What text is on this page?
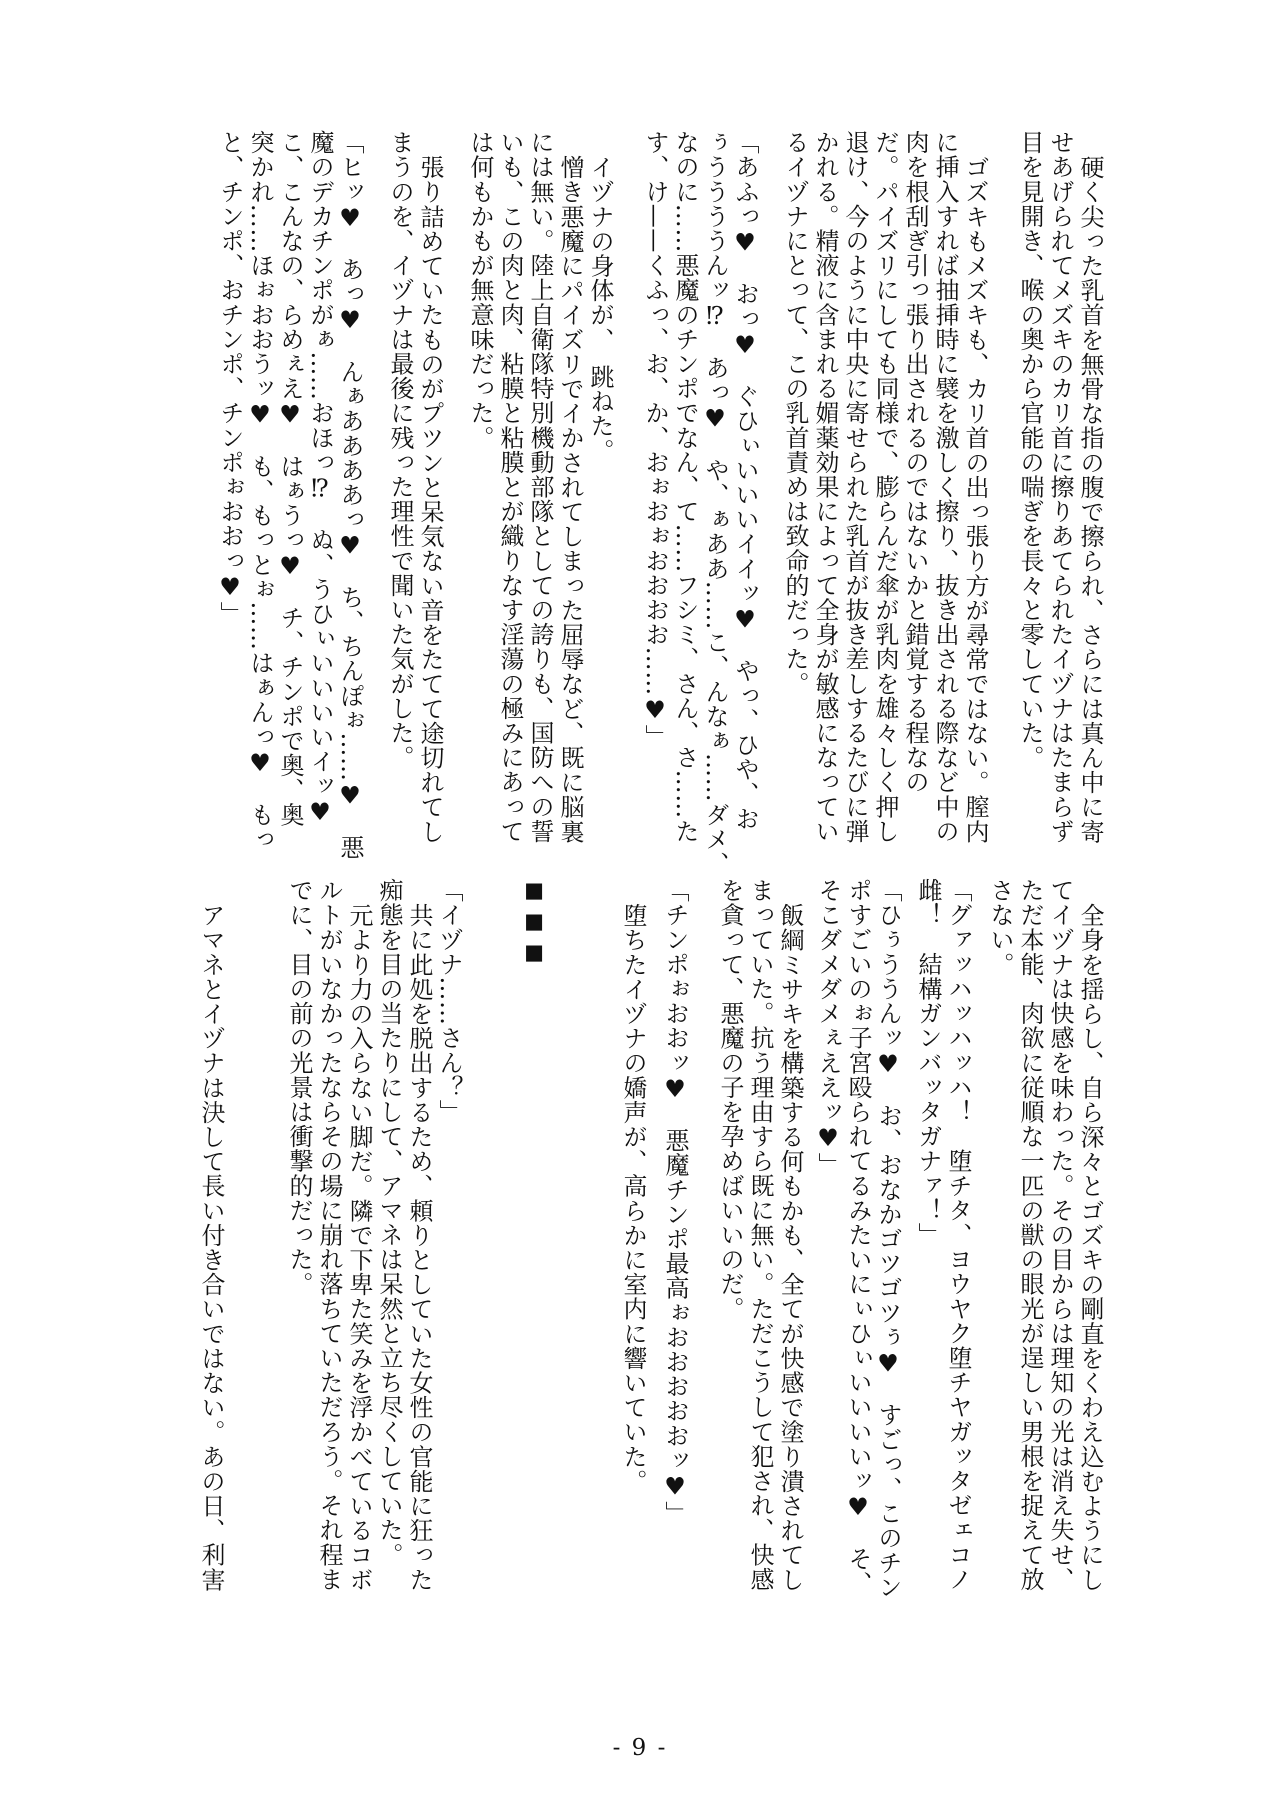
硬く尖った乳首を無骨な指の腹で擦られ、さらには真ん中に寄

せあげられてメズキのカリ首に擦りあてられたイヅナはたまらず

目を見開き、喉の奥から官能の喘ぎを長々と零していた。

ゴズキもメズキも、カリ首の出っ張り方が尋常ではない。膣内

に挿入すれば抽挿時に襞を激しく擦り、抜き出される際など中の

肉を根刮ぎ引っ張り出されるのではないかと錯覚する程なの

だ。パイズリにしても同様で、膨らんだ傘が乳肉を雄々しく押し

退け、今のように中央に寄せられた乳首が抜き差しするたびに弾

かれる。精液に含まれる媚薬効果によって全身が敏感になってい

るイヅナにとって、この乳首責めは致命的だった。

「あふっ♥　おっ♥　ぐひぃいいいイイッ♥　やっ、ひや、お

ぅううううんッ⁉　あっ♥　や、ぁああ……こ、んなぁ……ダメ、

なのに……悪魔のチンポでなん、て……フシミ、さん、さ……た

す、け——くふっ、お、か、おぉおぉおおおお……♥」

イヅナの身体が、　跳ねた。

憎き悪魔にパイズリでイかされてしまった屈辱など、既に脳裏

には無い。陸上自衛隊特別機動部隊としての誇りも、国防への誓

いも、この肉と肉、粘膜と粘膜とが織りなす淫蕩の極みにあって

は何もかもが無意味だった。

張り詰めていたものがプツンと呆気ない音をたてて途切れてし

まうのを、イヅナは最後に残った理性で聞いた気がした。

「ヒッ♥　あっ♥　んぁああああっ♥　ち、ちんぽぉ……♥　悪

魔のデカチンポがぁ……おほっ⁉　ぬ、うひぃいいいいイッ♥

こ、こんなの、らめぇえ♥　はぁうっ♥　チ、チンポで奥、奥

突かれ……ほぉおおうッ♥　も、もっとぉ……はぁんっ♥　もっ

と、チンポ、おチンポ、チンポぉおおっ♥」

全身を揺らし、自ら深々とゴズキの剛直をくわえ込むようにし

てイヅナは快感を味わった。その目からは理知の光は消え失せ、

ただ本能、肉欲に従順な一匹の獣の眼光が逞しい男根を捉えて放

さない。

「グァッハッハッハ！　堕チタ、ヨウヤク堕チヤガッタゼェコノ

雌！　結構ガンバッタガナァ！」

「ひぅううんッ♥　お、おなかゴツゴツぅ♥　すごっ、このチン

ポすごいのぉ子宮殴られてるみたいにぃひぃいいいいッ♥　そ、

そこダメダメぇええッ♥」

飯綱ミサキを構築する何もかも、全てが快感で塗り潰されてし

まっていた。抗う理由すら既に無い。ただこうして犯され、快感

を貪って、悪魔の子を孕めばいいのだ。

「チンポぉおおッ♥　悪魔チンポ最高ぉおおおおおッ♥」

堕ちたイヅナの嬌声が、高らかに室内に響いていた。

■■■

「イヅナ……さん？」

共に此処を脱出するため、頼りとしていた女性の官能に狂った

痴態を目の当たりにして、アマネは呆然と立ち尽くしていた。

元より力の入らない脚だ。隣で下卑た笑みを浮かべているコボ

ルトがいなかったならその場に崩れ落ちていただろう。それ程ま

でに、目の前の光景は衝撃的だった。

アマネとイヅナは決して長い付き合いではない。あの日、利害

- 9 -
